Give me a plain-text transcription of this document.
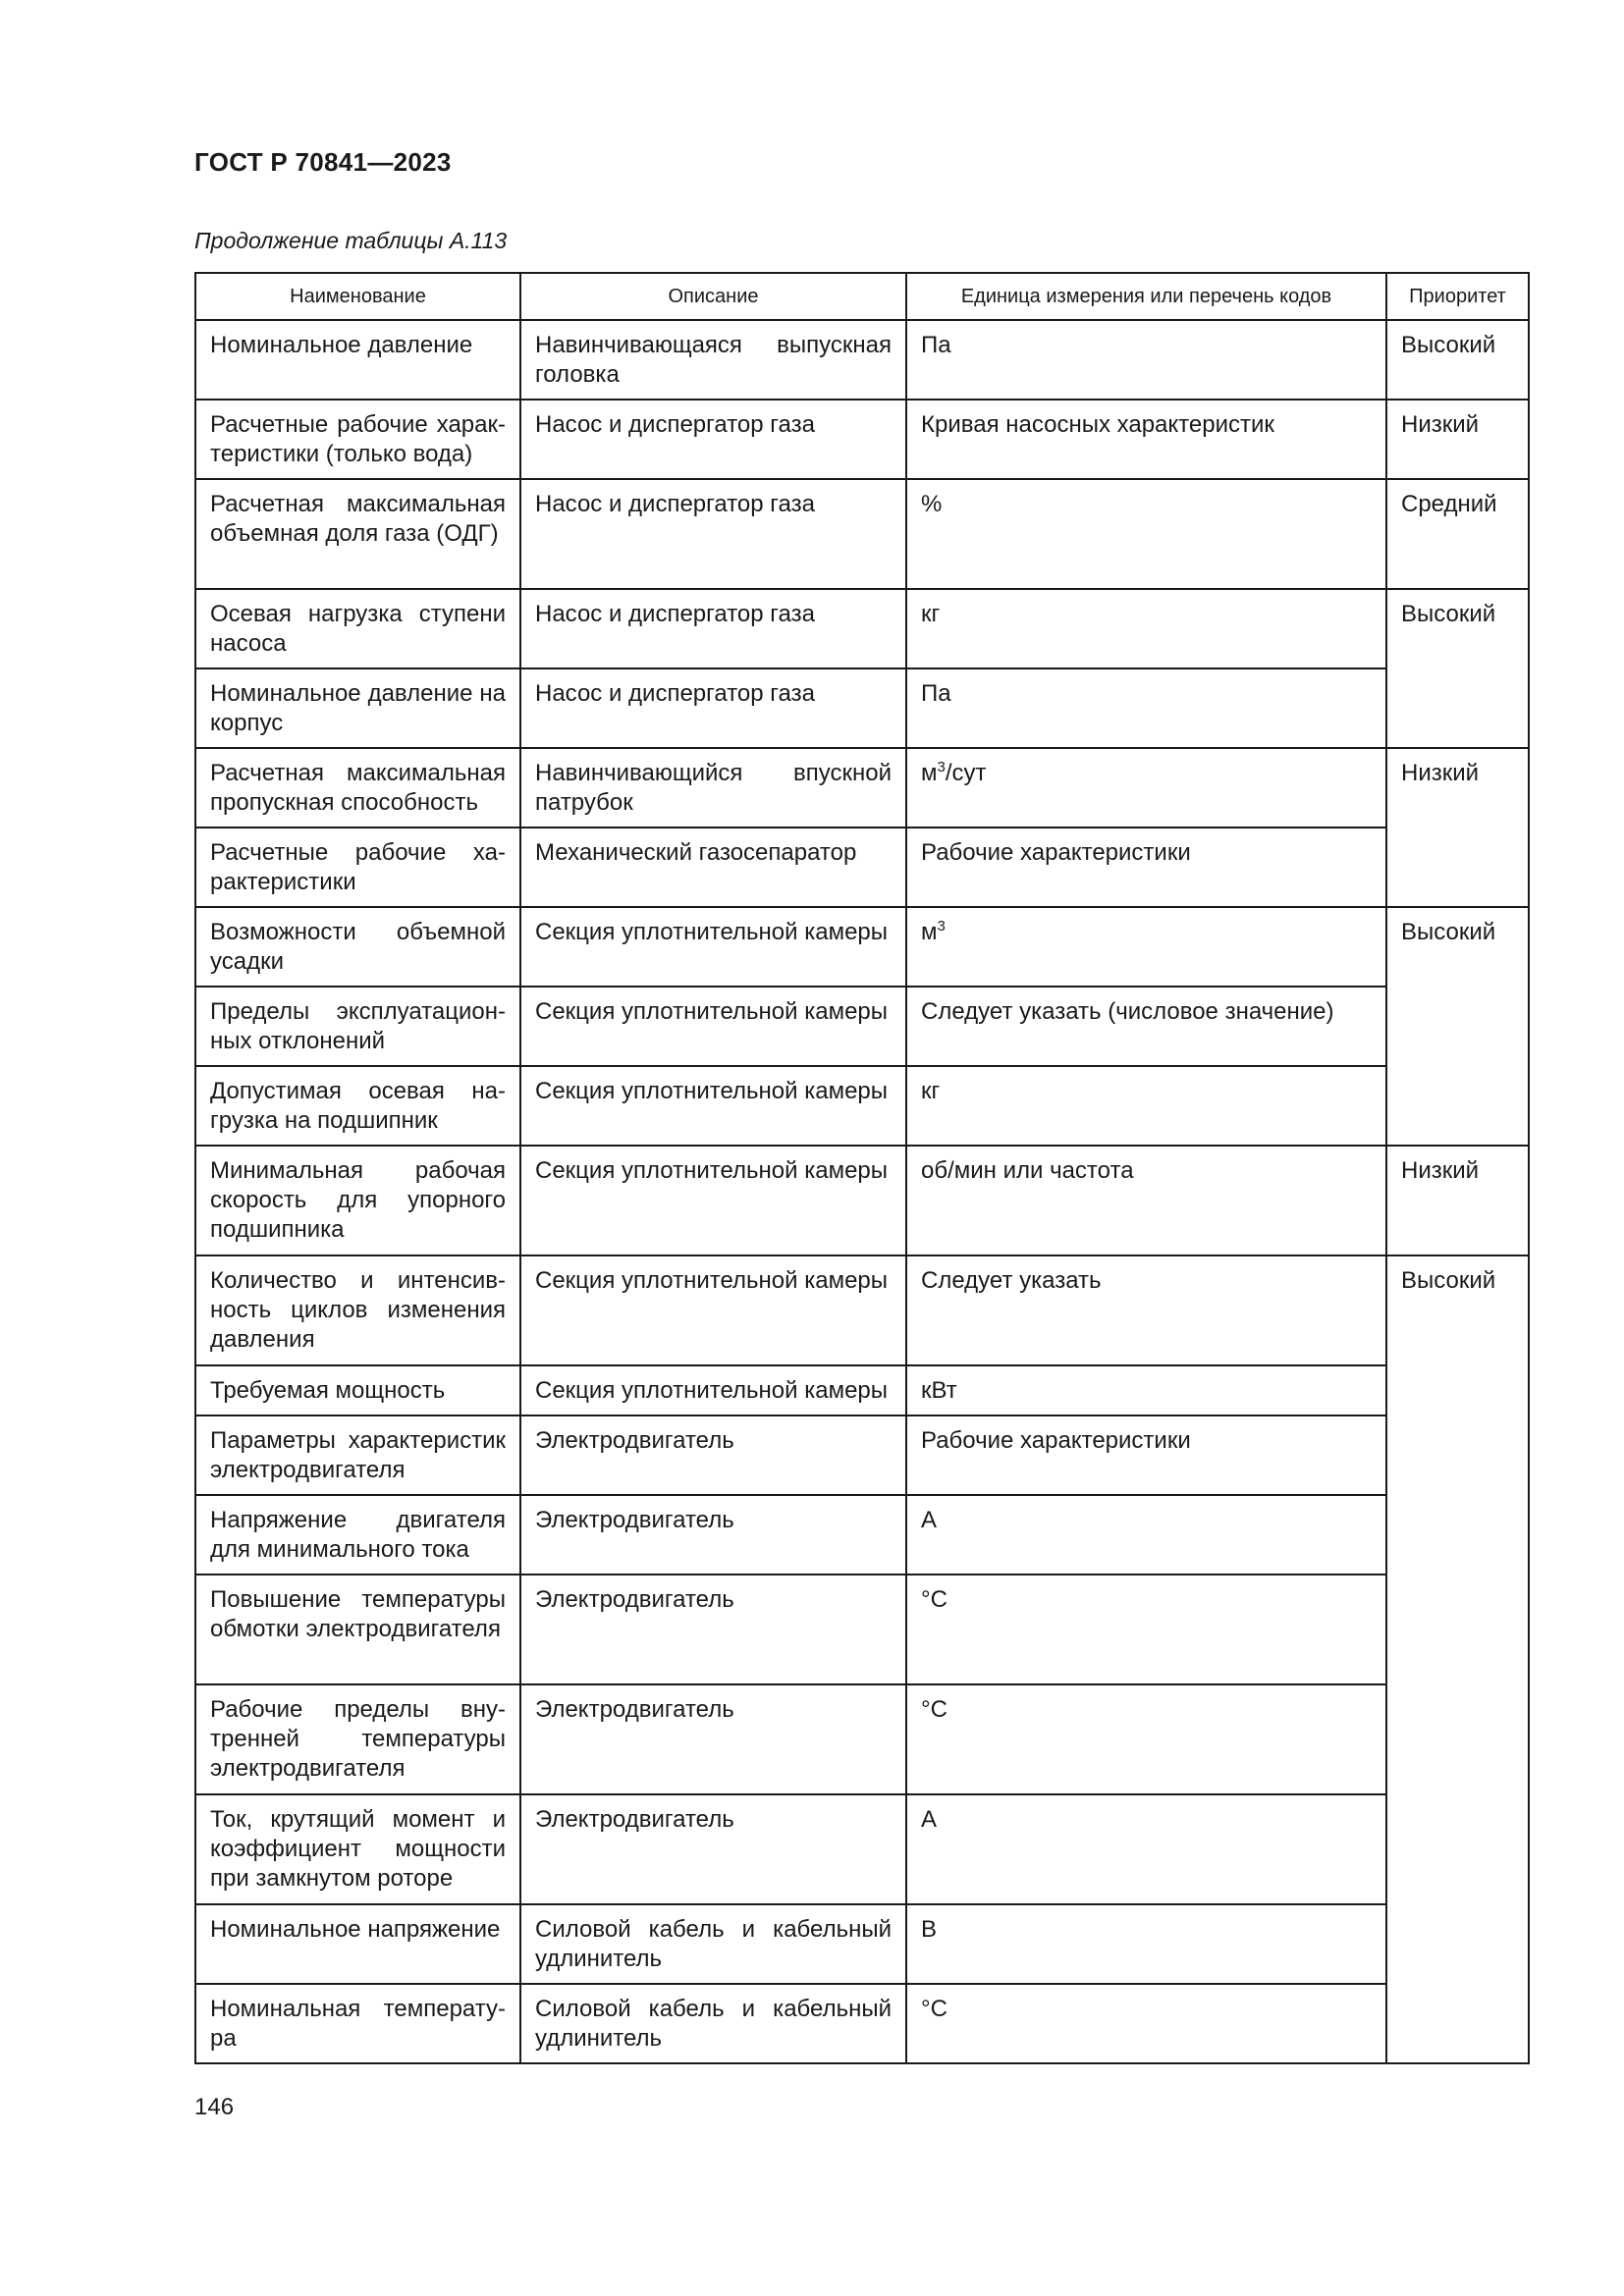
ГОСТ Р 70841—2023
Продолжение таблицы А.113
Наименование	Описание	Единица измерения или перечень кодов	Приоритет
Номинальное давление	Навинчивающаяся выпускная головка	Па	Высокий
Расчетные рабочие характеристики (только вода)	Насос и диспергатор газа	Кривая насосных характеристик	Низкий
Расчетная максимальная объемная доля газа (ОДГ)	Насос и диспергатор газа	%	Средний
Осевая нагрузка ступени насоса	Насос и диспергатор газа	кг	Высокий
Номинальное давление на корпус	Насос и диспергатор газа	Па	
Расчетная максимальная пропускная способность	Навинчивающийся впускной патрубок	$м^3$/сут	Низкий
Расчетные рабочие характеристики	Механический газосепаратор	Рабочие характеристики	
Возможности объемной усадки	Секция уплотнительной камеры	$м^3$	Высокий
Пределы эксплуатационных отклонений	Секция уплотнительной камеры	Следует указать (числовое значение)	
Допустимая осевая нагрузка на подшипник	Секция уплотнительной камеры	кг	
Минимальная рабочая скорость для упорного подшипника	Секция уплотнительной камеры	об/мин или частота	Низкий
Количество и интенсивность циклов изменения давления	Секция уплотнительной камеры	Следует указать	Высокий
Требуемая мощность	Секция уплотнительной камеры	кВт	
Параметры характеристик электродвигателя	Электродвигатель	Рабочие характеристики	
Напряжение двигателя для минимального тока	Электродвигатель	А	
Повышение температуры обмотки электродвигателя	Электродвигатель	°С	
Рабочие пределы внутренней температуры электродвигателя	Электродвигатель	°С	
Ток, крутящий момент и коэффициент мощности при замкнутом роторе	Электродвигатель	А	
Номинальное напряжение	Силовой кабель и кабельный удлинитель	В	
Номинальная температура	Силовой кабель и кабельный удлинитель	°С	
146
